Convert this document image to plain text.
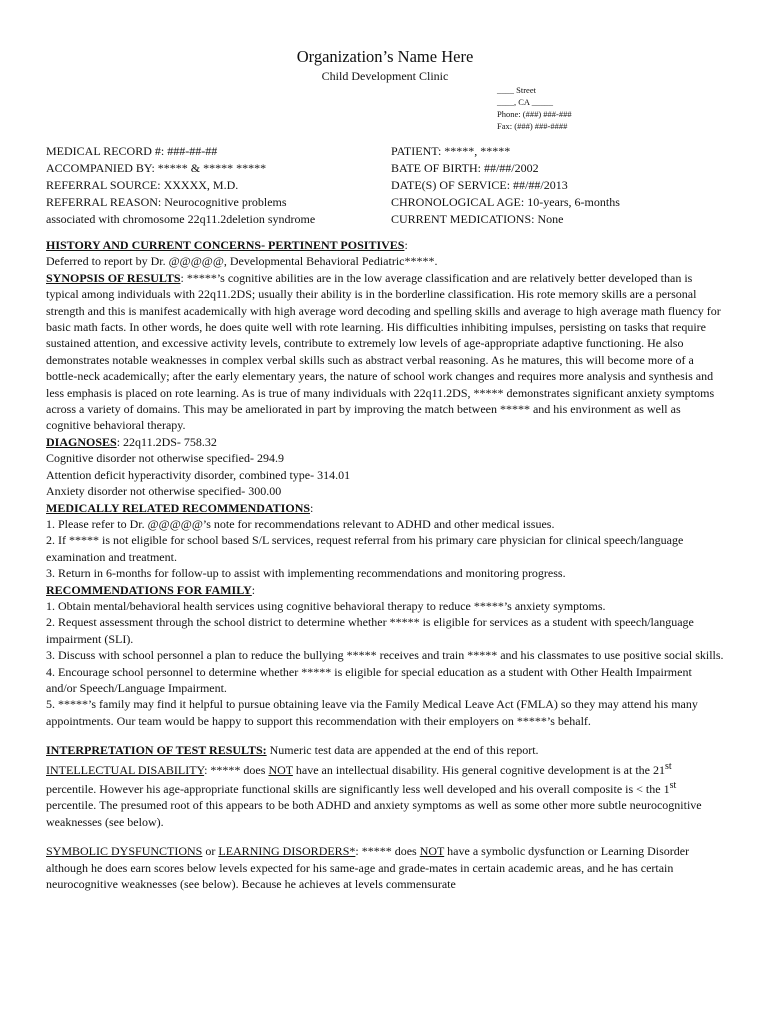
Organization’s Name Here
Child Development Clinic
____ Street
____, CA _____
Phone: (###) ###-###
Fax: (###) ###-####
MEDICAL RECORD #: ###-##-##
ACCOMPANIED BY: ***** & ***** *****
REFERRAL SOURCE: XXXXX, M.D.
REFERRAL REASON: Neurocognitive problems
associated with chromosome 22q11.2deletion syndrome
PATIENT: *****, *****
BATE OF BIRTH: ##/##/2002
DATE(S) OF SERVICE: ##/##/2013
CHRONOLOGICAL AGE: 10-years, 6-months
CURRENT MEDICATIONS: None

HISTORY AND CURRENT CONCERNS- PERTINENT POSITIVES:

Deferred to report by Dr. @@@@@, Developmental Behavioral Pediatric*****.

SYNOPSIS OF RESULTS: *****’s cognitive abilities are in the low average classification and are relatively better developed than is typical among individuals with 22q11.2DS; usually their ability is in the borderline classification. His rote memory skills are a personal strength and this is manifest academically with high average word decoding and spelling skills and average to high average math fluency for basic math facts. In other words, he does quite well with rote learning. His difficulties inhibiting impulses, persisting on tasks that require sustained attention, and excessive activity levels, contribute to extremely low levels of age-appropriate adaptive functioning. He also demonstrates notable weaknesses in complex verbal skills such as abstract verbal reasoning. As he matures, this will become more of a bottle-neck academically; after the early elementary years, the nature of school work changes and requires more analysis and synthesis and less emphasis is placed on rote learning. As is true of many individuals with 22q11.2DS, ***** demonstrates significant anxiety symptoms across a variety of domains. This may be ameliorated in part by improving the match between ***** and his environment as well as cognitive behavioral therapy.

DIAGNOSES: 22q11.2DS- 758.32

Cognitive disorder not otherwise specified- 294.9

Attention deficit hyperactivity disorder, combined type- 314.01

Anxiety disorder not otherwise specified- 300.00

MEDICALLY RELATED RECOMMENDATIONS:

1. Please refer to Dr. @@@@@’s note for recommendations relevant to ADHD and other medical issues.

2. If ***** is not eligible for school based S/L services, request referral from his primary care physician for clinical speech/language examination and treatment.

3. Return in 6-months for follow-up to assist with implementing recommendations and monitoring progress.

RECOMMENDATIONS FOR FAMILY:

1. Obtain mental/behavioral health services using cognitive behavioral therapy to reduce *****’s anxiety symptoms.

2. Request assessment through the school district to determine whether ***** is eligible for services as a student with speech/language impairment (SLI).

3. Discuss with school personnel a plan to reduce the bullying ***** receives and train ***** and his classmates to use positive social skills.

4. Encourage school personnel to determine whether ***** is eligible for special education as a student with Other Health Impairment and/or Speech/Language Impairment.

5. *****’s family may find it helpful to pursue obtaining leave via the Family Medical Leave Act (FMLA) so they may attend his many appointments. Our team would be happy to support this recommendation with their employers on *****’s behalf.

INTERPRETATION OF TEST RESULTS: Numeric test data are appended at the end of this report.

INTELLECTUAL DISABILITY: ***** does NOT have an intellectual disability. His general cognitive development is at the 21st percentile. However his age-appropriate functional skills are significantly less well developed and his overall composite is < the 1st percentile. The presumed root of this appears to be both ADHD and anxiety symptoms as well as some other more subtle neurocognitive weaknesses (see below).

SYMBOLIC DYSFUNCTIONS or LEARNING DISORDERS*: ***** does NOT have a symbolic dysfunction or Learning Disorder although he does earn scores below levels expected for his same-age and grade-mates in certain academic areas, and he has certain neurocognitive weaknesses (see below). Because he achieves at levels commensurate
